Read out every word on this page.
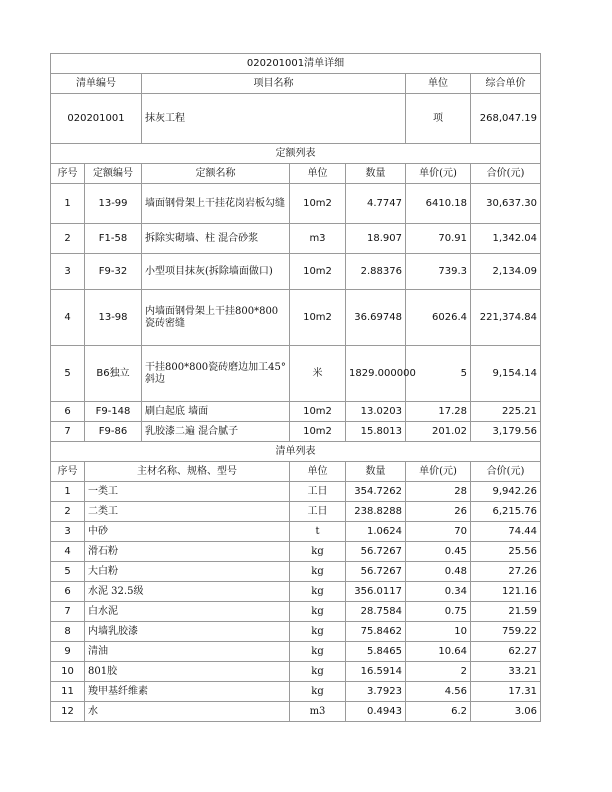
020201001清单详细						
清单编号		项目名称			单位	综合单价
020201001		抹灰工程			项	268,047.19
定额列表						
序号	定额编号	定额名称	单位	数量	单价(元)	合价(元)
1	13-99	墙面钢骨架上干挂花岗岩板勾缝	10m2	4.7747	6410.18	30,637.30
2	F1-58	拆除实砌墙、柱 混合砂浆	m3	18.907	70.91	1,342.04
3	F9-32	小型项目抹灰(拆除墙面做口)	10m2	2.88376	739.3	2,134.09
4	13-98	内墙面钢骨架上干挂800*800瓷砖密缝	10m2	36.69748	6026.4	221,374.84
5	B6独立	干挂800*800瓷砖磨边加工45°斜边	米	1829.000000	5	9,154.14
6	F9-148	刷白起底 墙面	10m2	13.0203	17.28	225.21
7	F9-86	乳胶漆二遍 混合腻子	10m2	15.8013	201.02	3,179.56
清单列表						
序号	主材名称、规格、型号		单位	数量	单价(元)	合价(元)
1	一类工		工日	354.7262	28	9,942.26
2	二类工		工日	238.8288	26	6,215.76
3	中砂		t	1.0624	70	74.44
4	滑石粉		kg	56.7267	0.45	25.56
5	大白粉		kg	56.7267	0.48	27.26
6	水泥 32.5级		kg	356.0117	0.34	121.16
7	白水泥		kg	28.7584	0.75	21.59
8	内墙乳胶漆		kg	75.8462	10	759.22
9	清油		kg	5.8465	10.64	62.27
10	801胶		kg	16.5914	2	33.21
11	羧甲基纤维素		kg	3.7923	4.56	17.31
12	水		m3	0.4943	6.2	3.06
